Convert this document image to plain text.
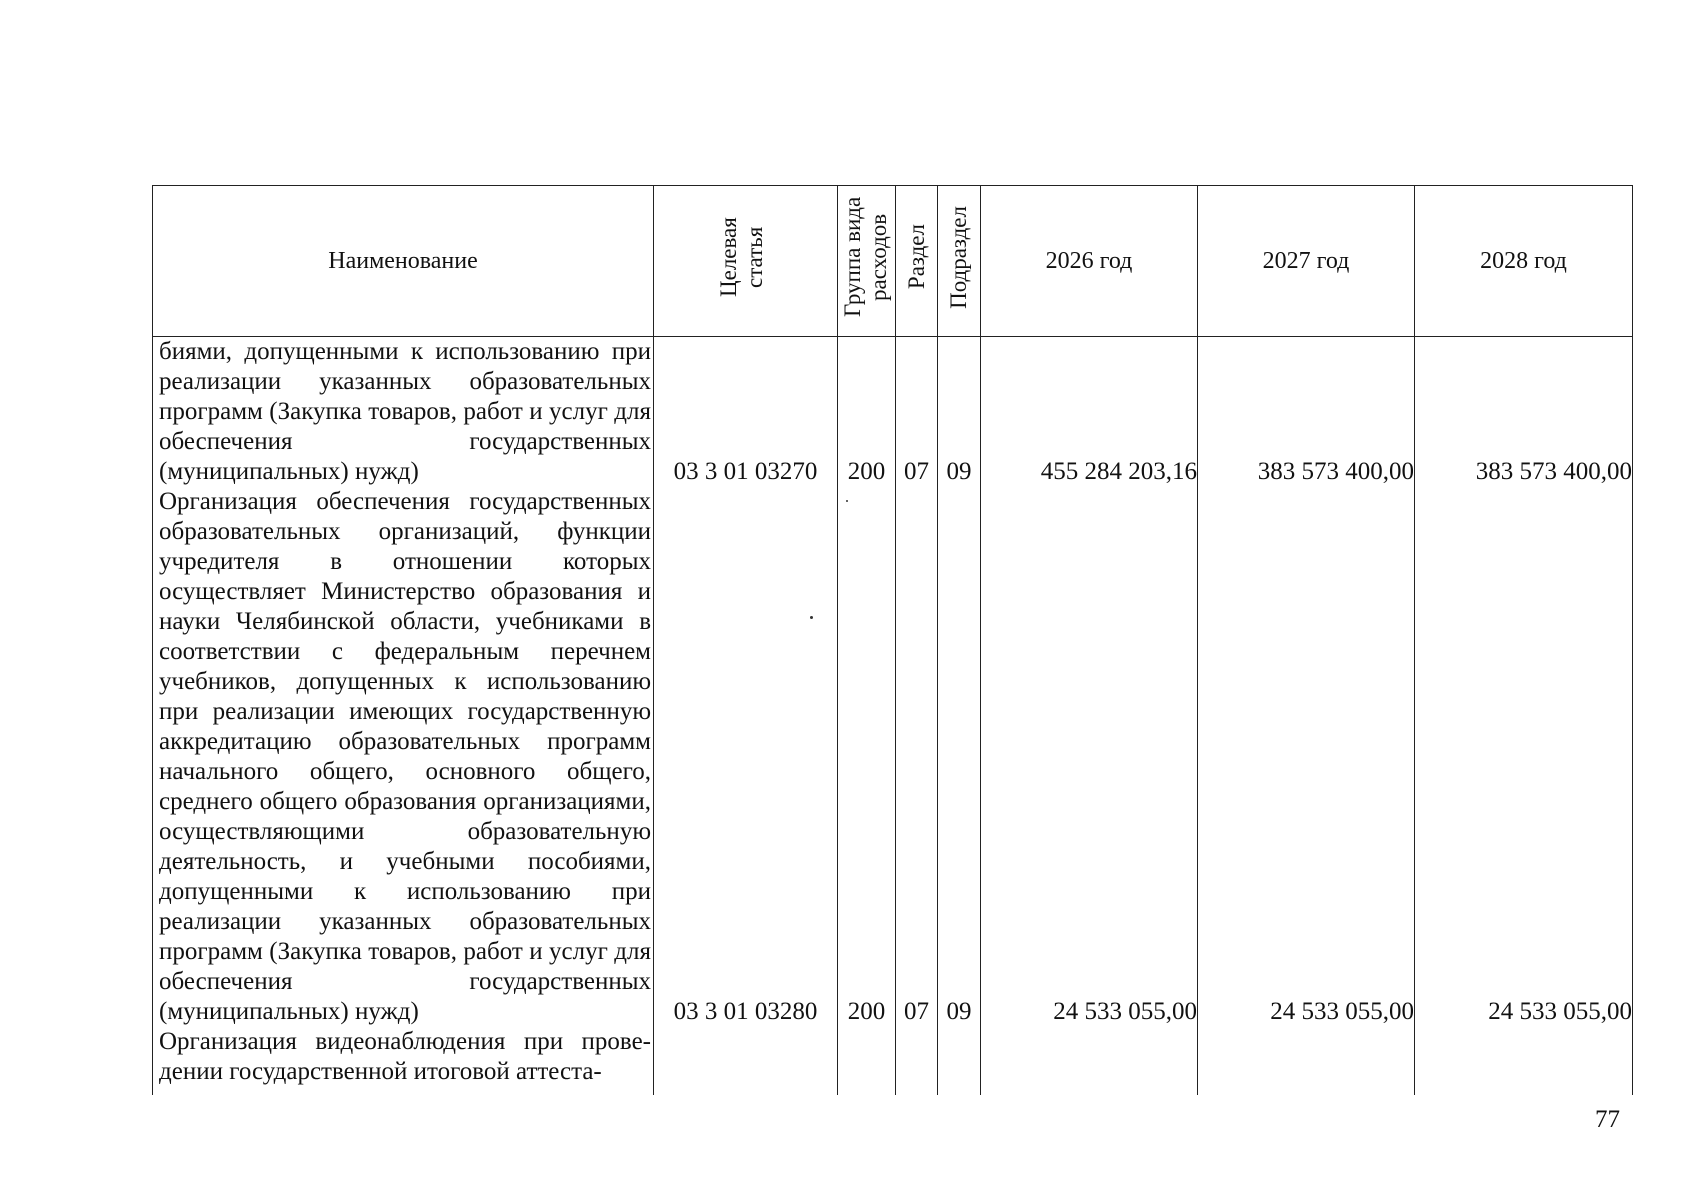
Наименование	Целевая статья	Группа вида расходов	Раздел	Подраздел	2026 год	2027 год	2028 год

биями, допущенными к использованию при реализации указанных образовательных программ (Закупка товаров, работ и услуг для обеспечения государственных (муниципальных) нужд)	03 3 01 03270	200	07	09	455 284 203,16	383 573 400,00	383 573 400,00

Организация обеспечения государственных образовательных организаций, функции учредителя в отношении которых осуществляет Министерство образования и науки Челябинской области, учебниками в соответствии с федеральным перечнем учебников, допущенных к использованию при реализации имеющих государственную аккредитацию образовательных программ начального общего, основного общего, среднего общего образования организациями, осуществляющими образовательную деятельность, и учебными пособиями, допущенными к использованию при реализации указанных образовательных программ (Закупка товаров, работ и услуг для обеспечения государственных (муниципальных) нужд)	03 3 01 03280	200	07	09	24 533 055,00	24 533 055,00	24 533 055,00

Организация видеонаблюдения при проведении государственной итоговой аттеста-							

77
